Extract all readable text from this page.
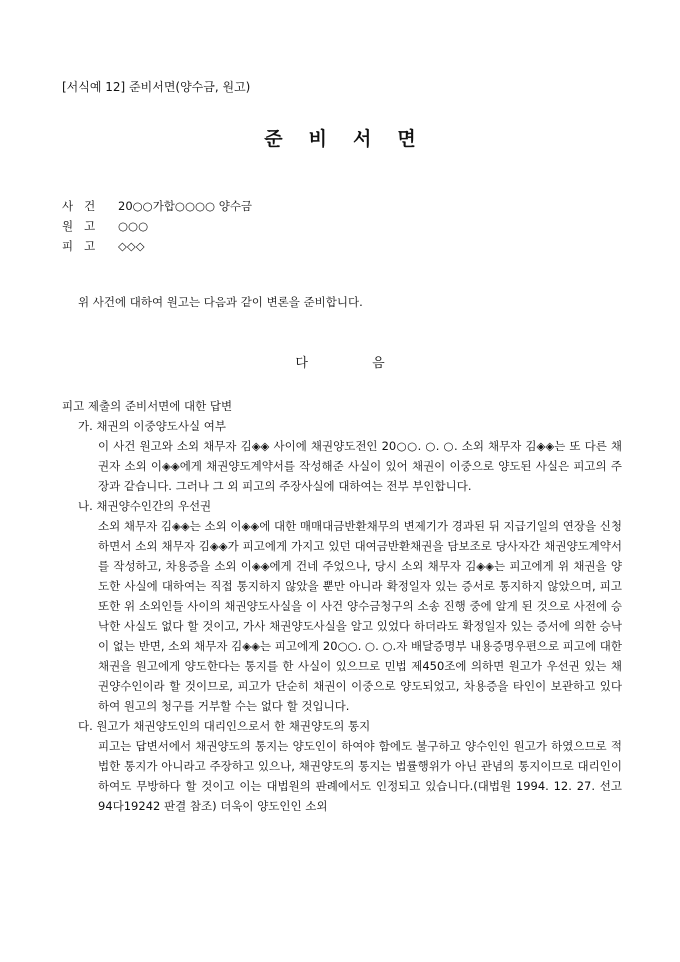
[서식예 12] 준비서면(양수금, 원고)
준비서면
사건	20○○가합○○○○ 양수금
원고	○○○
피고	◇◇◇
위 사건에 대하여 원고는 다음과 같이 변론을 준비합니다.
다 음
피고 제출의 준비서면에 대한 답변
가. 채권의 이중양도사실 여부

이 사건 원고와 소외 채무자 김◈◈ 사이에 채권양도전인 20○○. ○. ○. 소외 채무자 김◈◈는 또 다른 채권자 소외 이◈◈에게 채권양도계약서를 작성해준 사실이 있어 채권이 이중으로 양도된 사실은 피고의 주장과 같습니다. 그러나 그 외 피고의 주장사실에 대하여는 전부 부인합니다.

나. 채권양수인간의 우선권

소외 채무자 김◈◈는 소외 이◈◈에 대한 매매대금반환채무의 변제기가 경과된 뒤 지급기일의 연장을 신청하면서 소외 채무자 김◈◈가 피고에게 가지고 있던 대여금반환채권을 담보조로 당사자간 채권양도계약서를 작성하고, 차용증을 소외 이◈◈에게 건네 주었으나, 당시 소외 채무자 김◈◈는 피고에게 위 채권을 양도한 사실에 대하여는 직접 통지하지 않았을 뿐만 아니라 확정일자 있는 증서로 통지하지 않았으며, 피고 또한 위 소외인들 사이의 채권양도사실을 이 사건 양수금청구의 소송 진행 중에 알게 된 것으로 사전에 승낙한 사실도 없다 할 것이고, 가사 채권양도사실을 알고 있었다 하더라도 확정일자 있는 증서에 의한 승낙이 없는 반면, 소외 채무자 김◈◈는 피고에게 20○○. ○. ○.자 배달증명부 내용증명우편으로 피고에 대한 채권을 원고에게 양도한다는 통지를 한 사실이 있으므로 민법 제450조에 의하면 원고가 우선권 있는 채권양수인이라 할 것이므로, 피고가 단순히 채권이 이중으로 양도되었고, 차용증을 타인이 보관하고 있다하여 원고의 청구를 거부할 수는 없다 할 것입니다.

다. 원고가 채권양도인의 대리인으로서 한 채권양도의 통지

피고는 답변서에서 채권양도의 통지는 양도인이 하여야 함에도 불구하고 양수인인 원고가 하였으므로 적법한 통지가 아니라고 주장하고 있으나, 채권양도의 통지는 법률행위가 아닌 관념의 통지이므로 대리인이 하여도 무방하다 할 것이고 이는 대법원의 판례에서도 인정되고 있습니다.(대법원 1994. 12. 27. 선고 94다19242 판결 참조) 더욱이 양도인인 소외
